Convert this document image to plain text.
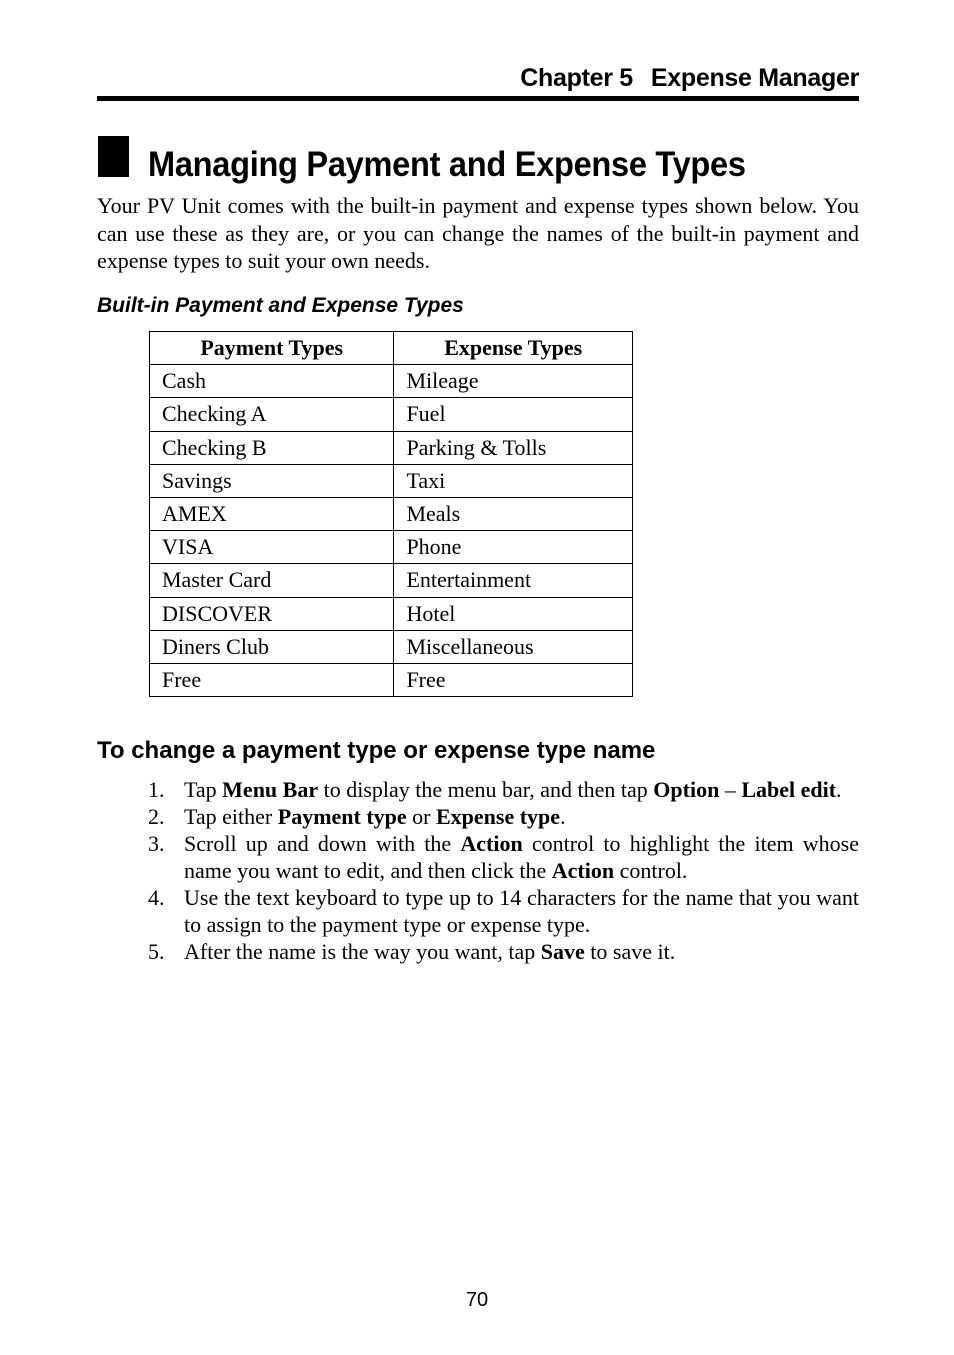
Chapter 5 Expense Manager
Managing Payment and Expense Types

Your PV Unit comes with the built-in payment and expense types shown below. You can use these as they are, or you can change the names of the built-in payment and expense types to suit your own needs.

Built-in Payment and Expense Types
Payment Types	Expense Types
Cash	Mileage
Checking A	Fuel
Checking B	Parking & Tolls
Savings	Taxi
AMEX	Meals
VISA	Phone
Master Card	Entertainment
DISCOVER	Hotel
Diners Club	Miscellaneous
Free	Free
To change a payment type or expense type name
1. Tap Menu Bar to display the menu bar, and then tap Option – Label edit.
2. Tap either Payment type or Expense type.
3. Scroll up and down with the Action control to highlight the item whose name you want to edit, and then click the Action control.
4. Use the text keyboard to type up to 14 characters for the name that you want to assign to the payment type or expense type.
5. After the name is the way you want, tap Save to save it.
70
